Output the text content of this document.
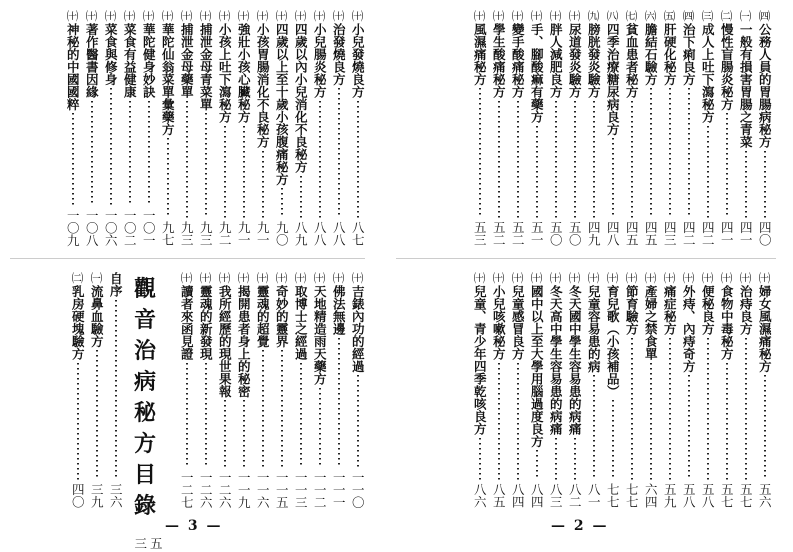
㈩
小兒發燒良方
八七
㈩
治發燒良方
八八
㈩
小兒腸炎秘方
八八
㈩
四歲以內小兒消化不良秘方
八九
㈩
四歲以上至十歲小孩腹痛秘方
九〇
㈩
小孩胃腸消化不良秘方
九一
㈩
強壯小孩心臟秘方
九一
㈩
小孩上吐下瀉秘方
九二
㈩
捕泄金母青菜單
九三
㈩
捕泄金母藥單
九三
㈩
華陀仙翁菜單彙藥方
九七
㈩
華陀健身妙訣
一〇一
㈩
菜食有益健康
一〇二
㈩
菜食與修身
一〇六
㈩
著作醫書因緣
一〇八
㈩
神秘的中國國粹
一〇九
㈩
吉錶內功的經過
一一〇
㈩
佛法無邊
一一一
㈩
天地精造雨天藥方
一一二
㈩
取博士之經過
一一三
㈩
奇妙的靈界
一一五
㈩
靈魂的超覺
一一六
㈩
揭開患者身上的秘密
一一九
㈩
我所經歷的現世果報
一二六
㈩
靈魂的新發現
一二六
㈩
讀者來函見證
一二七
觀音治病秘方目錄
三五
自序
三六
㈠
流鼻血驗方
三九
㈡
乳房硬塊驗方
四〇
— 3 —
㈣
公務人員的胃腸病秘方
四〇
㈠
一般有損害胃腸之青菜
四一
㈡
慢性盲腸炎秘方
四一
㈢
成人上吐下瀉秘方
四二
㈣
治下痢良方
四二
㈤
肝硬化秘方
四三
㈥
膽結石驗方
四五
㈦
貧血患者秘方
四五
㈧
四季治療糖尿病良方
四八
㈨
膀胱發炎驗方
四九
㈩
尿道發炎驗方
五〇
㈩
胖人減肥良方
五〇
㈩
手、腳酸痲有藥方
五一
㈩
變手酸痛秘方
五二
㈩
學生酸痛秘方
五二
㈩
風濕痛秘方
五三
㈩
婦女風濕痛秘方
五六
㈩
治痔良方
五七
㈩
食物中毒秘方
五七
㈩
便秘良方
五八
㈩
外痔、內痔奇方
五八
㈩
痛症秘方
五九
㈩
產婦之禁食單
六四
㈩
節育驗方
七七
㈩
育兒歌（小孩補品）
七七
㈩
兒童容易患的病
八一
㈩
冬天國中學生容易患的病痛
八二
㈩
冬天高中學生容易患的病痛
八三
㈩
國中以上至大學用腦過度良方
八四
㈩
兒童感冒良方
八四
㈩
小兒咳嗽秘方
八五
㈩
兒童、青少年四季乾咳良方
八六
— 2 —
